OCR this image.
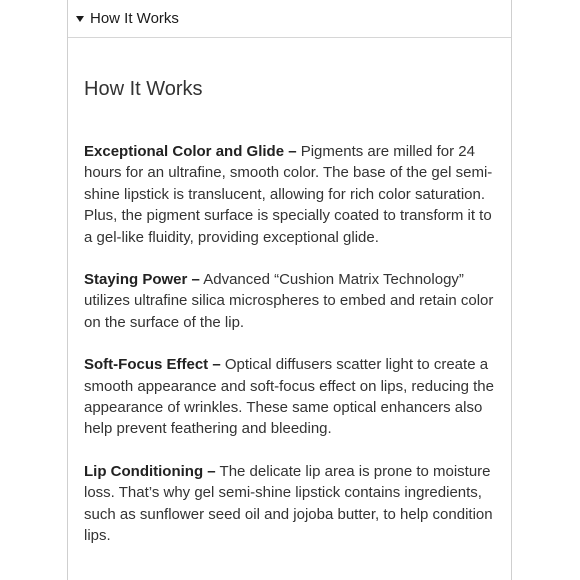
How It Works
How It Works

Exceptional Color and Glide – Pigments are milled for 24 hours for an ultrafine, smooth color. The base of the gel semi-shine lipstick is translucent, allowing for rich color saturation. Plus, the pigment surface is specially coated to transform it to a gel-like fluidity, providing exceptional glide.

Staying Power – Advanced “Cushion Matrix Technology” utilizes ultrafine silica microspheres to embed and retain color on the surface of the lip.

Soft-Focus Effect – Optical diffusers scatter light to create a smooth appearance and soft-focus effect on lips, reducing the appearance of wrinkles. These same optical enhancers also help prevent feathering and bleeding.

Lip Conditioning – The delicate lip area is prone to moisture loss. That’s why gel semi-shine lipstick contains ingredients, such as sunflower seed oil and jojoba butter, to help condition lips.
